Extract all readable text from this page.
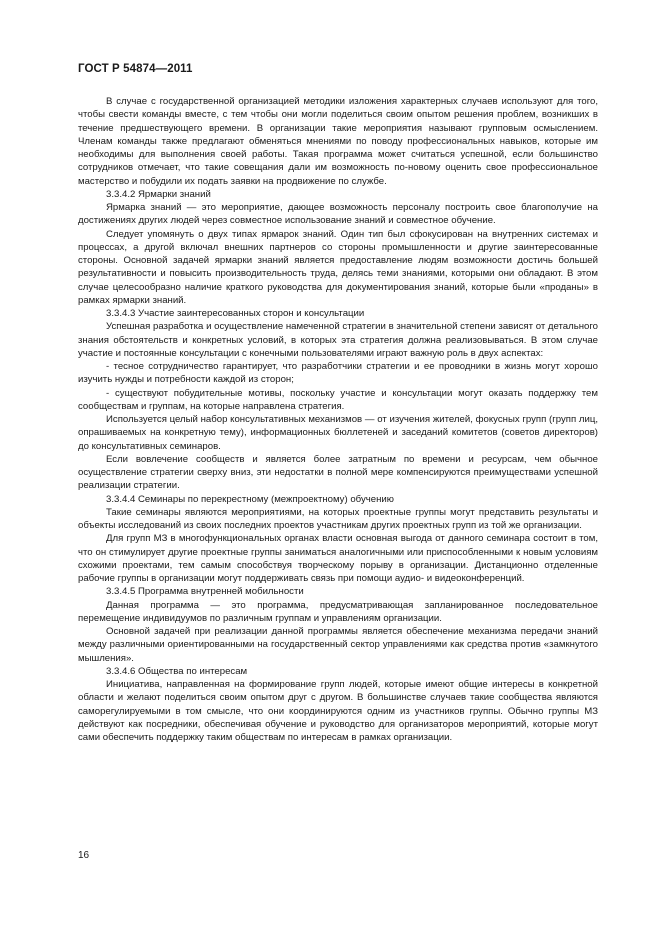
ГОСТ Р 54874—2011

В случае с государственной организацией методики изложения характерных случаев используют для того, чтобы свести команды вместе, с тем чтобы они могли поделиться своим опытом решения проблем, возникших в течение предшествующего времени. В организации такие мероприятия называют групповым осмыслением. Членам команды также предлагают обменяться мнениями по поводу профессиональных навыков, которые им необходимы для выполнения своей работы. Такая программа может считаться успешной, если большинство сотрудников отмечает, что такие совещания дали им возможность по-новому оценить свое профессиональное мастерство и побудили их подать заявки на продвижение по службе.

3.3.4.2 Ярмарки знаний

Ярмарка знаний — это мероприятие, дающее возможность персоналу построить свое благополучие на достижениях других людей через совместное использование знаний и совместное обучение.

Следует упомянуть о двух типах ярмарок знаний. Один тип был сфокусирован на внутренних системах и процессах, а другой включал внешних партнеров со стороны промышленности и другие заинтересованные стороны. Основной задачей ярмарки знаний является предоставление людям возможности достичь большей результативности и повысить производительность труда, делясь теми знаниями, которыми они обладают. В этом случае целесообразно наличие краткого руководства для документирования знаний, которые были «проданы» в рамках ярмарки знаний.

3.3.4.3 Участие заинтересованных сторон и консультации

Успешная разработка и осуществление намеченной стратегии в значительной степени зависят от детального знания обстоятельств и конкретных условий, в которых эта стратегия должна реализовываться. В этом случае участие и постоянные консультации с конечными пользователями играют важную роль в двух аспектах:

- тесное сотрудничество гарантирует, что разработчики стратегии и ее проводники в жизнь могут хорошо изучить нужды и потребности каждой из сторон;

- существуют побудительные мотивы, поскольку участие и консультации могут оказать поддержку тем сообществам и группам, на которые направлена стратегия.

Используется целый набор консультативных механизмов — от изучения жителей, фокусных групп (групп лиц, опрашиваемых на конкретную тему), информационных бюллетеней и заседаний комитетов (советов директоров) до консультативных семинаров.

Если вовлечение сообществ и является более затратным по времени и ресурсам, чем обычное осуществление стратегии сверху вниз, эти недостатки в полной мере компенсируются преимуществами успешной реализации стратегии.

3.3.4.4 Семинары по перекрестному (межпроектному) обучению

Такие семинары являются мероприятиями, на которых проектные группы могут представить результаты и объекты исследований из своих последних проектов участникам других проектных групп из той же организации.

Для групп МЗ в многофункциональных органах власти основная выгода от данного семинара состоит в том, что он стимулирует другие проектные группы заниматься аналогичными или приспособленными к новым условиям схожими проектами, тем самым способствуя творческому порыву в организации. Дистанционно отделенные рабочие группы в организации могут поддерживать связь при помощи аудио- и видеоконференций.

3.3.4.5 Программа внутренней мобильности

Данная программа — это программа, предусматривающая запланированное последовательное перемещение индивидуумов по различным группам и управлениям организации.

Основной задачей при реализации данной программы является обеспечение механизма передачи знаний между различными ориентированными на государственный сектор управлениями как средства против «замкнутого мышления».

3.3.4.6 Общества по интересам

Инициатива, направленная на формирование групп людей, которые имеют общие интересы в конкретной области и желают поделиться своим опытом друг с другом. В большинстве случаев такие сообщества являются саморегулируемыми в том смысле, что они координируются одним из участников группы. Обычно группы МЗ действуют как посредники, обеспечивая обучение и руководство для организаторов мероприятий, которые могут сами обеспечить поддержку таким обществам по интересам в рамках организации.

16
